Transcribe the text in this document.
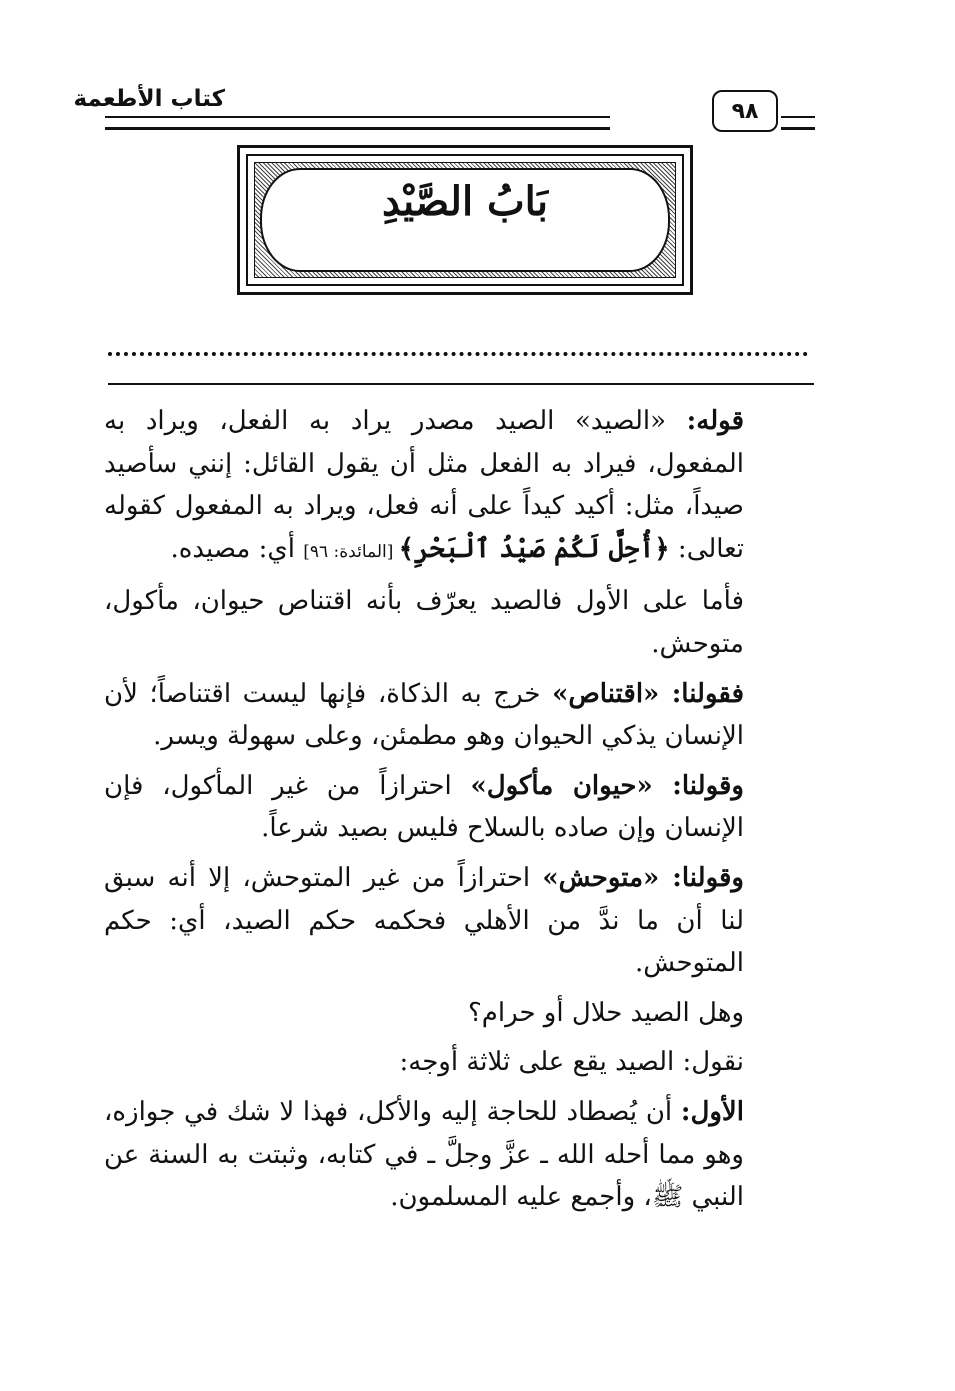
٩٨
كتاب الأطعمة
بَابُ الصَّيْدِ

قوله: «الصيد» الصيد مصدر يراد به الفعل، ويراد به المفعول، فيراد به الفعل مثل أن يقول القائل: إنني سأصيد صيداً، مثل: أكيد كيداً على أنه فعل، ويراد به المفعول كقوله تعالى: ﴿أُحِلَّ لَكُمْ صَيْدُ ٱلْبَحْرِ﴾ [المائدة: ٩٦] أي: مصيده.

فأما على الأول فالصيد يعرّف بأنه اقتناص حيوان، مأكول، متوحش.

فقولنا: «اقتناص» خرج به الذكاة، فإنها ليست اقتناصاً؛ لأن الإنسان يذكي الحيوان وهو مطمئن، وعلى سهولة ويسر.

وقولنا: «حيوان مأكول» احترازاً من غير المأكول، فإن الإنسان وإن صاده بالسلاح فليس بصيد شرعاً.

وقولنا: «متوحش» احترازاً من غير المتوحش، إلا أنه سبق لنا أن ما ندَّ من الأهلي فحكمه حكم الصيد، أي: حكم المتوحش.

وهل الصيد حلال أو حرام؟

نقول: الصيد يقع على ثلاثة أوجه:

الأول: أن يُصطاد للحاجة إليه والأكل، فهذا لا شك في جوازه، وهو مما أحله الله ـ عزَّ وجلَّ ـ في كتابه، وثبتت به السنة عن النبي ﷺ، وأجمع عليه المسلمون.
